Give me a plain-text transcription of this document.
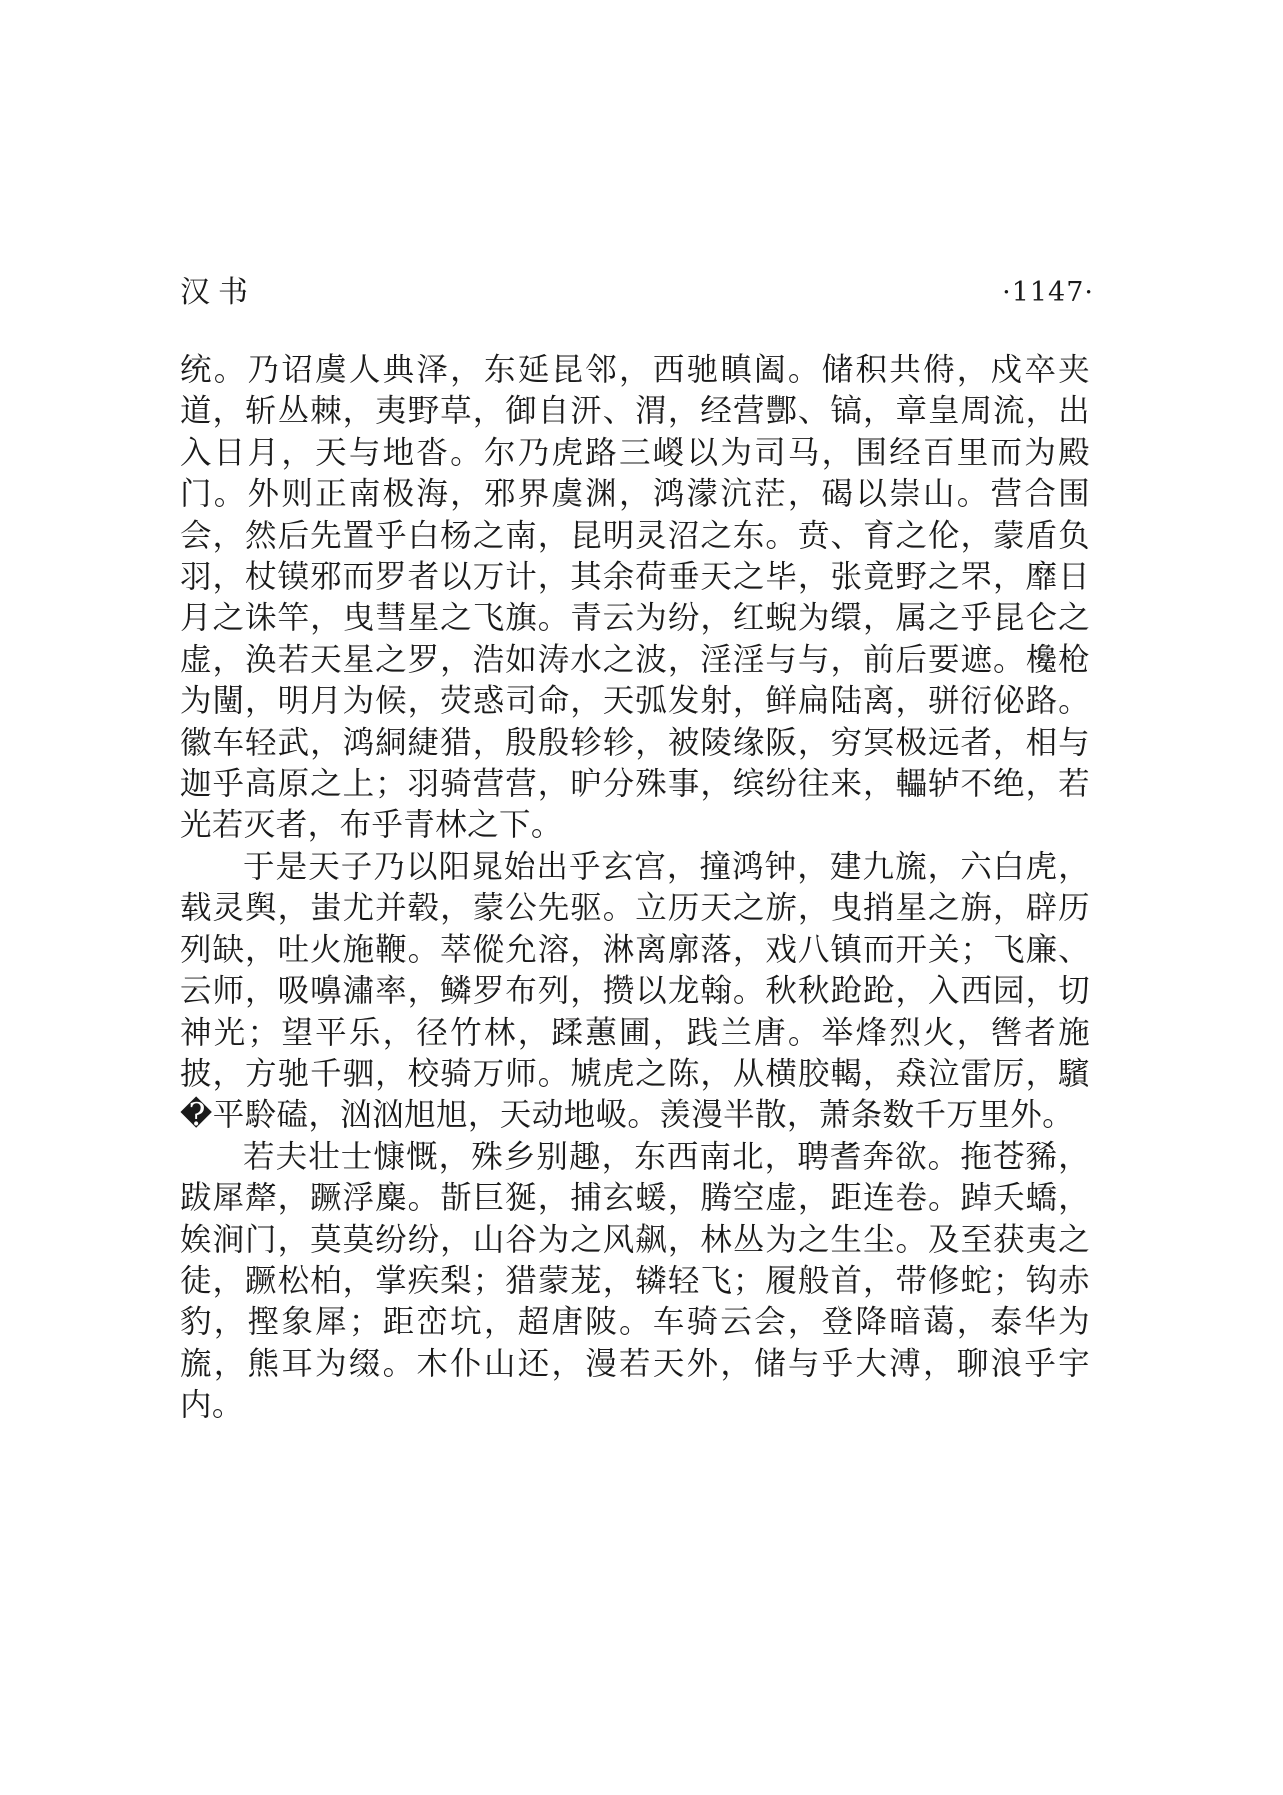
汉书	·1147·

统。乃诏虞人典泽，东延昆邻，西驰瞋阖。储积共偫，戍卒夹道，斩丛棘，夷野草，御自汧、渭，经营酆、镐，章皇周流，出入日月，天与地沓。尔乃虎路三嵕以为司马，围经百里而为殿门。外则正南极海，邪界虞渊，鸿濛沆茫，碣以崇山。营合围会，然后先置乎白杨之南，昆明灵沼之东。贲、育之伦，蒙盾负羽，杖镆邪而罗者以万计，其余荷垂天之毕，张竟野之罘，靡日月之诛竿，曳彗星之飞旗。青云为纷，红蜺为缳，属之乎昆仑之虚，涣若天星之罗，浩如涛水之波，淫淫与与，前后要遮。欃枪为闉，明月为候，荧惑司命，天弧发射，鲜扁陆离，骈衍佖路。徽车轻武，鸿絧緁猎，殷殷轸轸，被陵缘阪，穷冥极远者，相与迦乎高原之上；羽骑营营，昈分殊事，缤纷往来，轠轳不绝，若光若灭者，布乎青林之下。

于是天子乃以阳晁始出乎玄宫，撞鸿钟，建九旒，六白虎，载灵舆，蚩尤并毂，蒙公先驱。立历天之旂，曳捎星之旃，辟历列缺，吐火施鞭。萃傱允溶，淋离廓落，戏八镇而开关；飞廉、云师，吸嚊潚率，鳞罗布列，攒以龙翰。秋秋跄跄，入西园，切神光；望平乐，径竹林，蹂蕙圃，践兰唐。举烽烈火，辔者施披，方驰千驷，校骑万师。虓虎之陈，从横胶輵，猋泣雷厉，驞�平駖磕，汹汹旭旭，天动地岋。羡漫半散，萧条数千万里外。

若夫壮士慷慨，殊乡别趣，东西南北，聘耆奔欲。拖苍豨，跋犀犛，蹶浮麋。斮巨狿，捕玄蝯，腾空虚，距连卷。踔夭蟜，娭涧门，莫莫纷纷，山谷为之风飙，林丛为之生尘。及至获夷之徒，蹶松柏，掌疾梨；猎蒙茏，辚轻飞；履般首，带修蛇；钩赤豹，摼象犀；距峦坑，超唐陂。车骑云会，登降暗蔼，泰华为旒，熊耳为缀。木仆山还，漫若天外，储与乎大溥，聊浪乎宇内。
